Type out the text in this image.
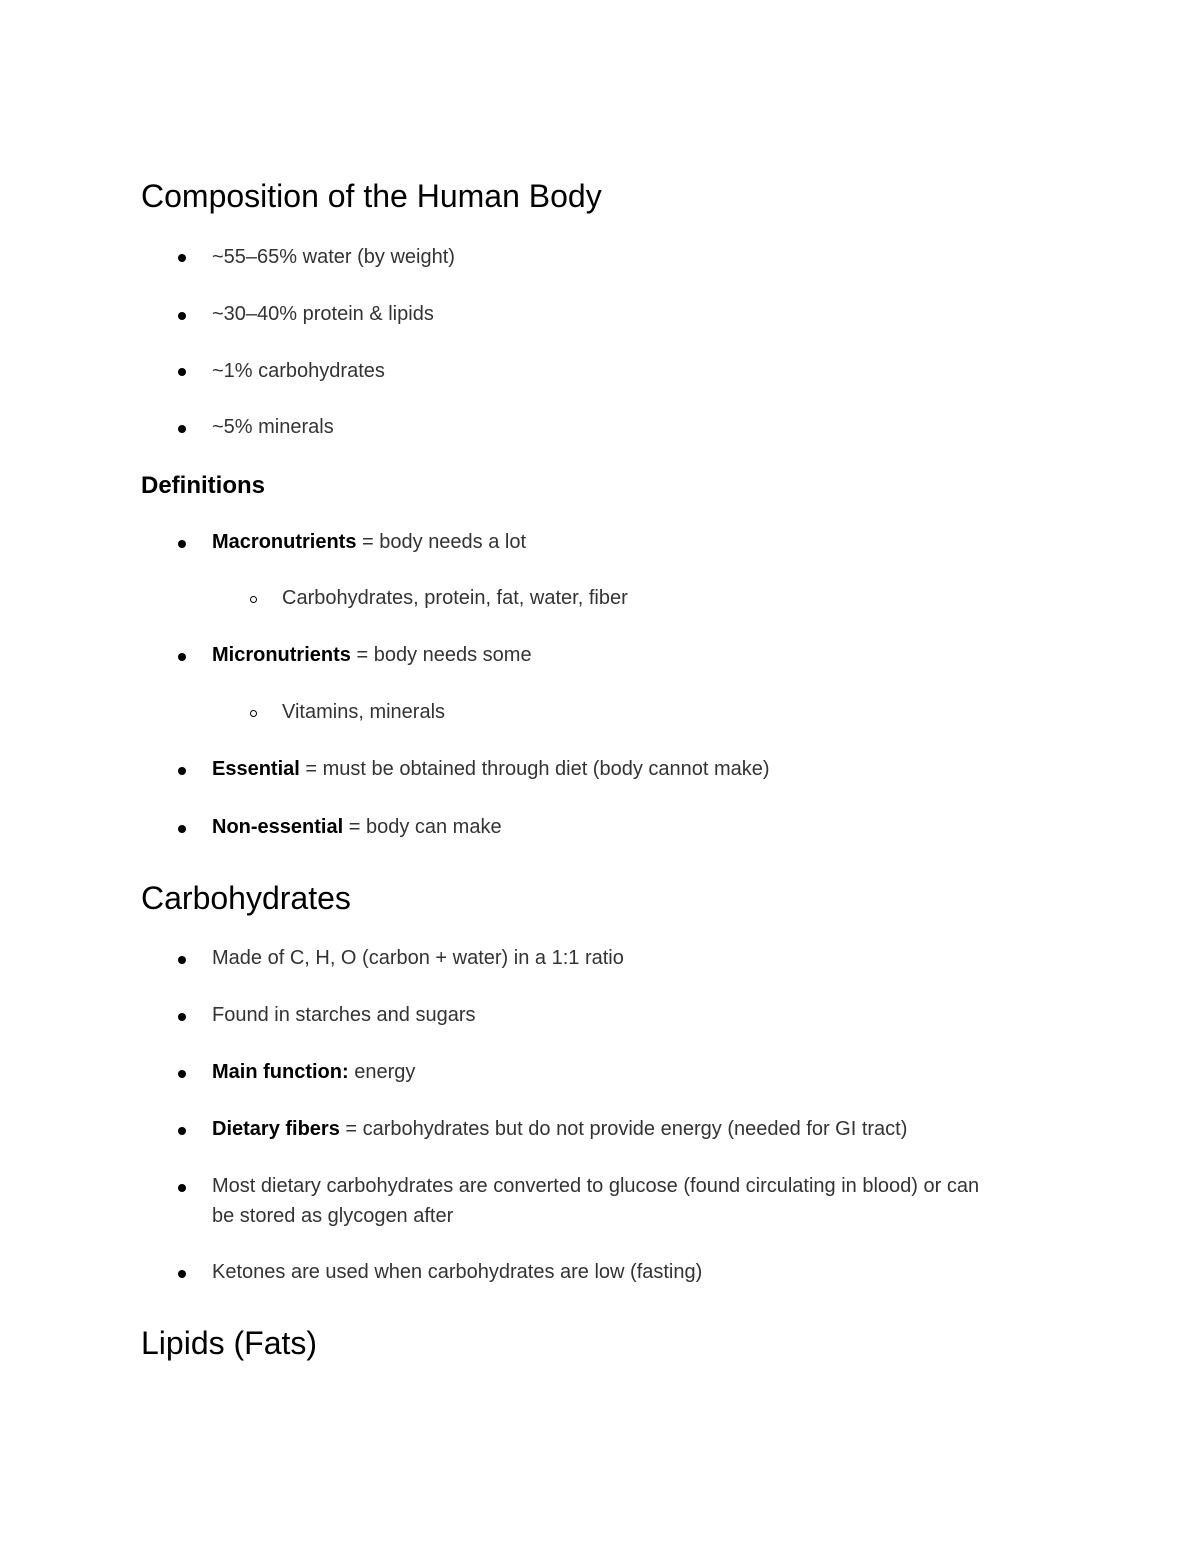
Composition of the Human Body
~55–65% water (by weight)
~30–40% protein & lipids
~1% carbohydrates
~5% minerals
Definitions
Macronutrients = body needs a lot
Carbohydrates, protein, fat, water, fiber
Micronutrients = body needs some
Vitamins, minerals
Essential = must be obtained through diet (body cannot make)
Non-essential = body can make
Carbohydrates
Made of C, H, O (carbon + water) in a 1:1 ratio
Found in starches and sugars
Main function: energy
Dietary fibers = carbohydrates but do not provide energy (needed for GI tract)
Most dietary carbohydrates are converted to glucose (found circulating in blood) or can
be stored as glycogen after
Ketones are used when carbohydrates are low (fasting)
Lipids (Fats)
